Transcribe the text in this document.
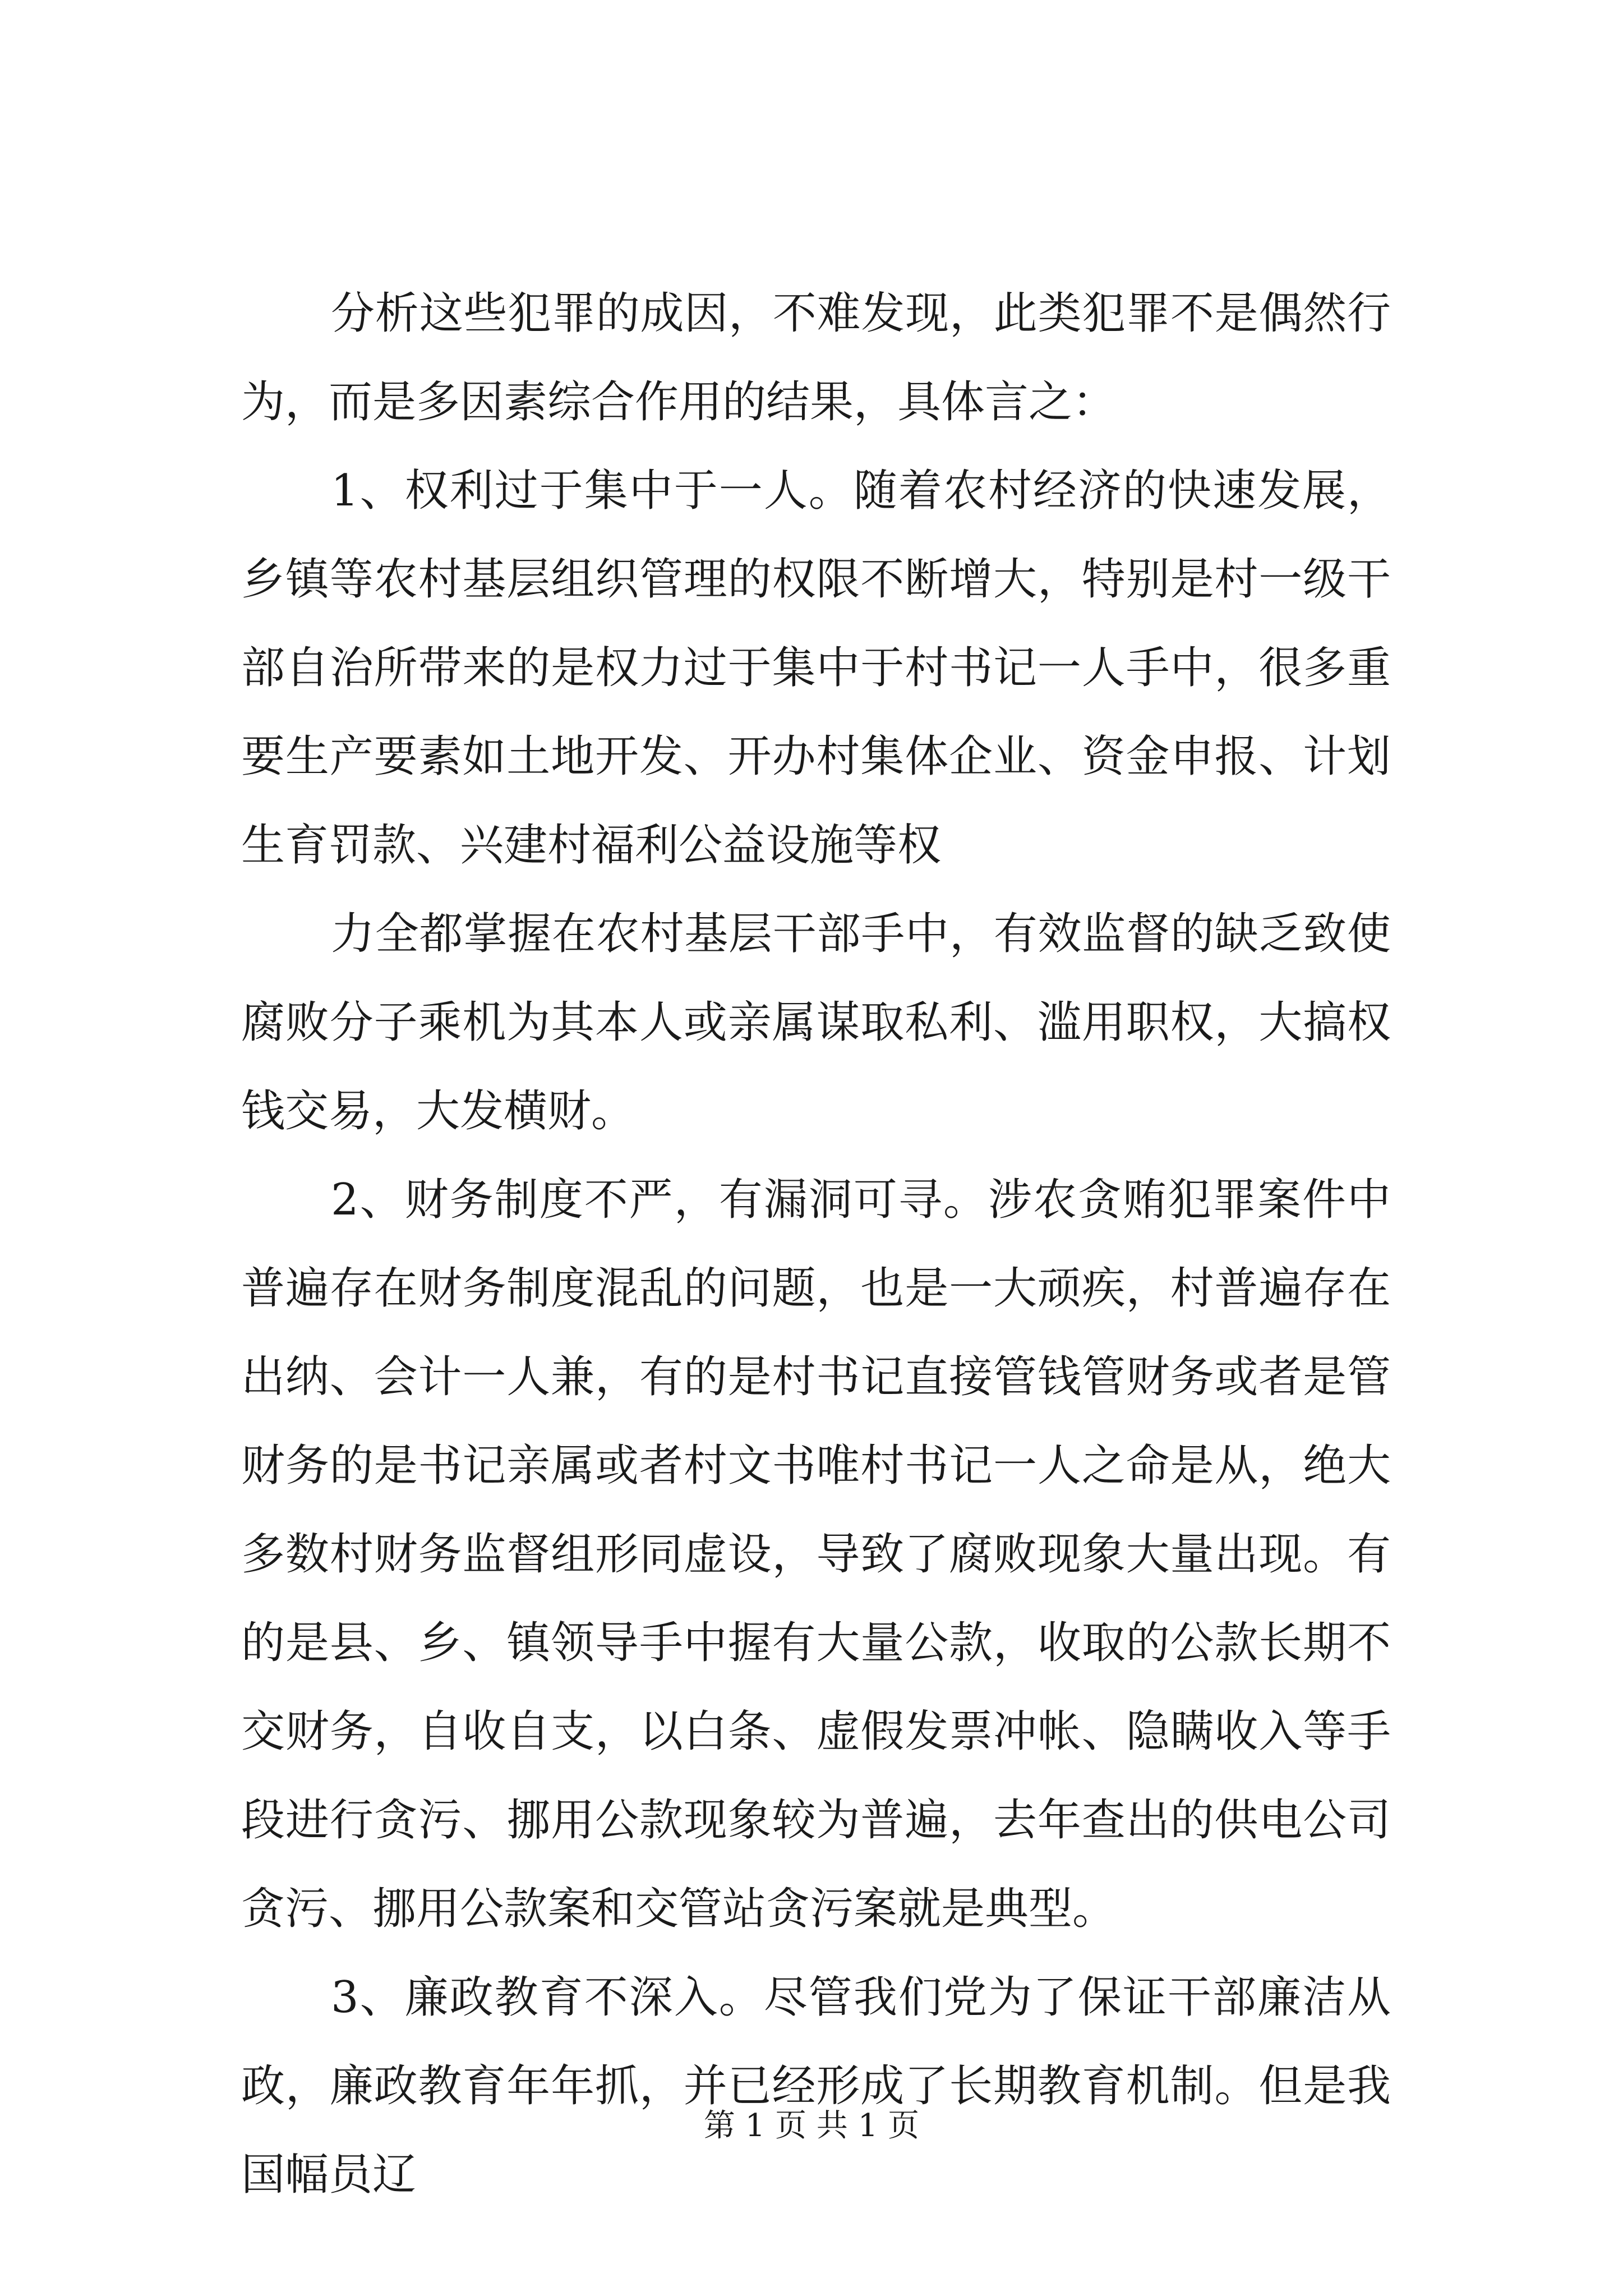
分析这些犯罪的成因，不难发现，此类犯罪不是偶然行为，而是多因素综合作用的结果，具体言之：

1、权利过于集中于一人。随着农村经济的快速发展，乡镇等农村基层组织管理的权限不断增大，特别是村一级干部自治所带来的是权力过于集中于村书记一人手中，很多重要生产要素如土地开发、开办村集体企业、资金申报、计划生育罚款、兴建村福利公益设施等权

力全都掌握在农村基层干部手中，有效监督的缺乏致使腐败分子乘机为其本人或亲属谋取私利、滥用职权，大搞权钱交易，大发横财。

2、财务制度不严，有漏洞可寻。涉农贪贿犯罪案件中普遍存在财务制度混乱的问题，也是一大顽疾，村普遍存在出纳、会计一人兼，有的是村书记直接管钱管财务或者是管财务的是书记亲属或者村文书唯村书记一人之命是从，绝大多数村财务监督组形同虚设，导致了腐败现象大量出现。有的是县、乡、镇领导手中握有大量公款，收取的公款长期不交财务，自收自支，以白条、虚假发票冲帐、隐瞒收入等手段进行贪污、挪用公款现象较为普遍，去年查出的供电公司贪污、挪用公款案和交管站贪污案就是典型。

3、廉政教育不深入。尽管我们党为了保证干部廉洁从政，廉政教育年年抓，并已经形成了长期教育机制。但是我国幅员辽

第 1 页 共 1 页
